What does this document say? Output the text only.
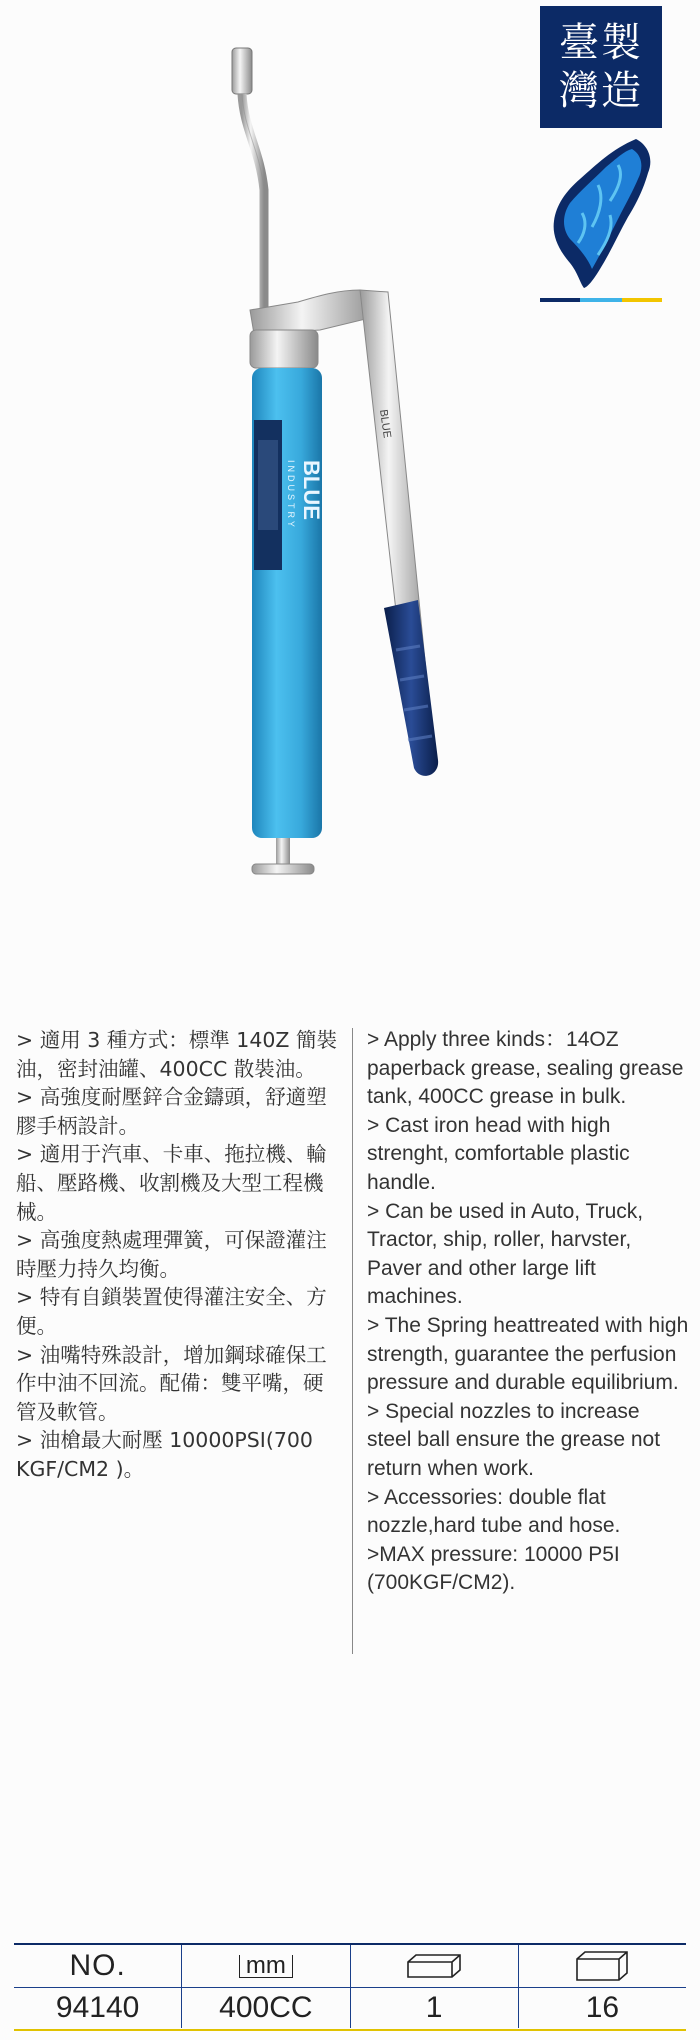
臺製
灣造
BLUE
INDUSTRY
BLUE

> 適用 3 種方式：標準 140Z 簡裝油，密封油罐、400CC 散裝油。

> 高強度耐壓鋅合金鑄頭，舒適塑膠手柄設計。

> 適用于汽車、卡車、拖拉機、輪船、壓路機、收割機及大型工程機械。

> 高強度熱處理彈簧，可保證灌注時壓力持久均衡。

> 特有自鎖裝置使得灌注安全、方便。

> 油嘴特殊設計，增加鋼球確保工作中油不回流。配備：雙平嘴，硬管及軟管。

> 油槍最大耐壓 10000PSI(700 KGF/CM2 )。

> Apply three kinds：14OZ paperback grease, sealing grease tank, 400CC grease in bulk.

> Cast iron head with high strenght, comfortable plastic handle.

> Can be used in Auto, Truck, Tractor, ship, roller, harvster, Paver and other large lift machines.

> The Spring heattreated with high strength, guarantee the perfusion pressure and durable equilibrium.

> Special nozzles to increase steel ball ensure the grease not return when work.

> Accessories: double flat nozzle,hard tube and hose.

>MAX pressure: 10000 P5I (700KGF/CM2).

NO.	mm
94140	400CC	1	16
